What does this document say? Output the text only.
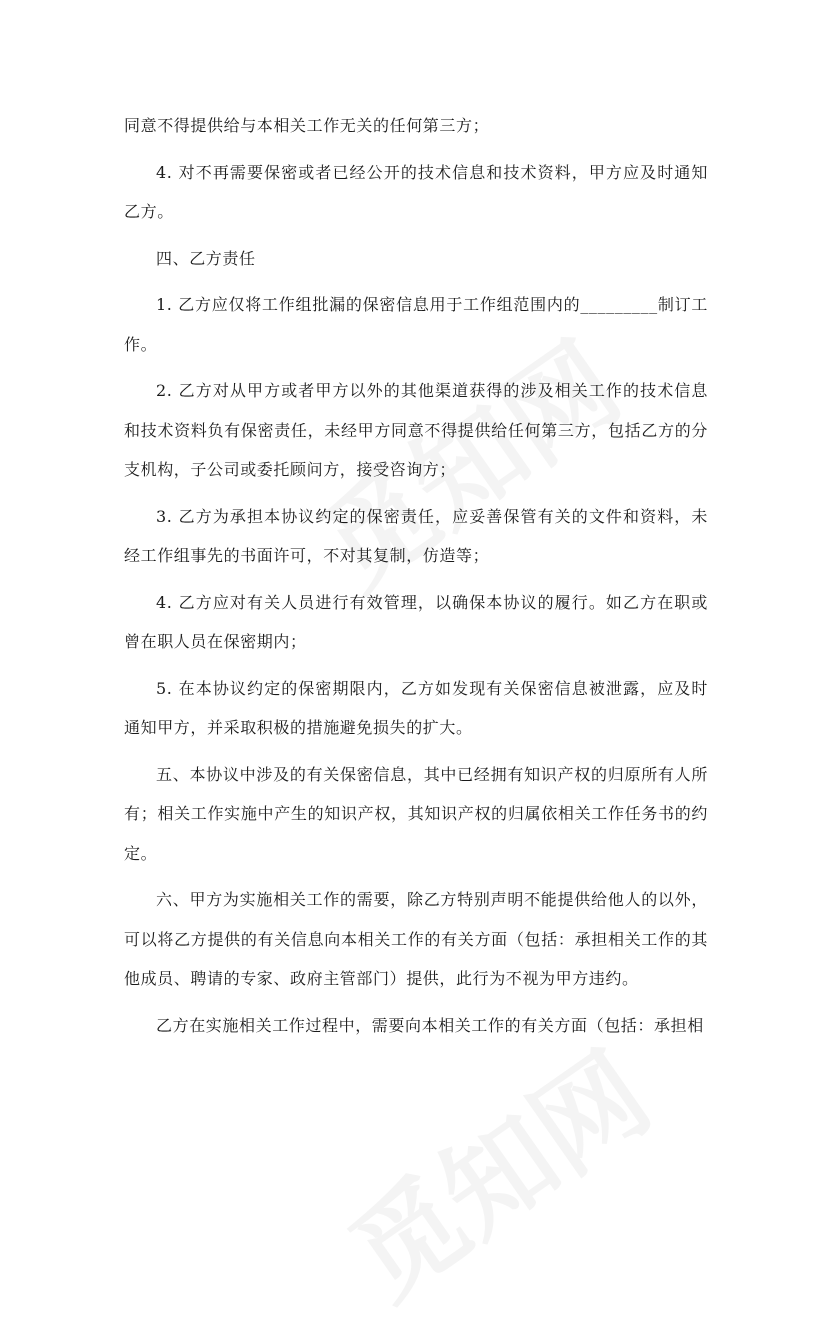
同意不得提供给与本相关工作无关的任何第三方；

4. 对不再需要保密或者已经公开的技术信息和技术资料，甲方应及时通知乙方。

四、乙方责任

1. 乙方应仅将工作组批漏的保密信息用于工作组范围内的_________制订工作。

2. 乙方对从甲方或者甲方以外的其他渠道获得的涉及相关工作的技术信息和技术资料负有保密责任，未经甲方同意不得提供给任何第三方，包括乙方的分支机构，子公司或委托顾问方，接受咨询方；

3. 乙方为承担本协议约定的保密责任，应妥善保管有关的文件和资料，未经工作组事先的书面许可，不对其复制，仿造等；

4. 乙方应对有关人员进行有效管理，以确保本协议的履行。如乙方在职或曾在职人员在保密期内；

5. 在本协议约定的保密期限内，乙方如发现有关保密信息被泄露，应及时通知甲方，并采取积极的措施避免损失的扩大。

五、本协议中涉及的有关保密信息，其中已经拥有知识产权的归原所有人所有；相关工作实施中产生的知识产权，其知识产权的归属依相关工作任务书的约定。

六、甲方为实施相关工作的需要，除乙方特别声明不能提供给他人的以外，可以将乙方提供的有关信息向本相关工作的有关方面（包括：承担相关工作的其他成员、聘请的专家、政府主管部门）提供，此行为不视为甲方违约。

乙方在实施相关工作过程中，需要向本相关工作的有关方面（包括：承担相
